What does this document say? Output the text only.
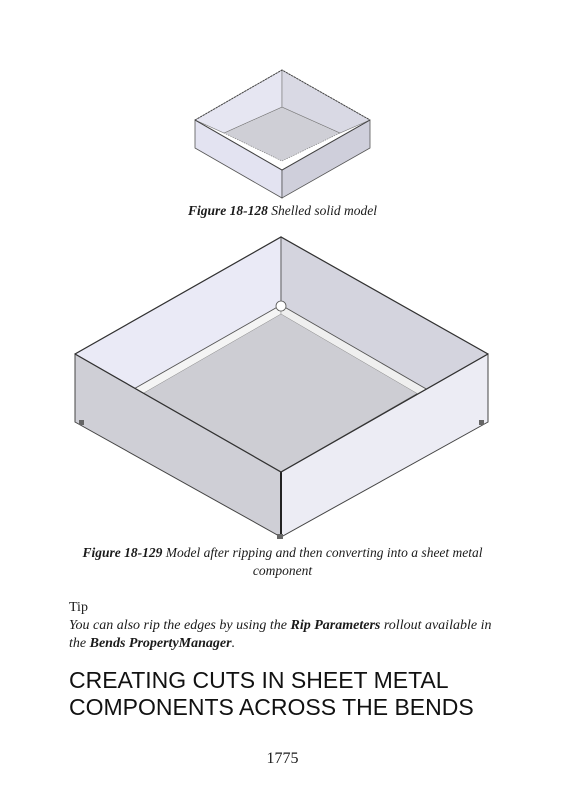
Figure 18-128 Shelled solid model
Figure 18-129 Model after ripping and then converting into a sheet metal component
Tip
You can also rip the edges by using the Rip Parameters rollout available in the Bends PropertyManager.
CREATING CUTS IN SHEET METAL COMPONENTS ACROSS THE BENDS
1775
